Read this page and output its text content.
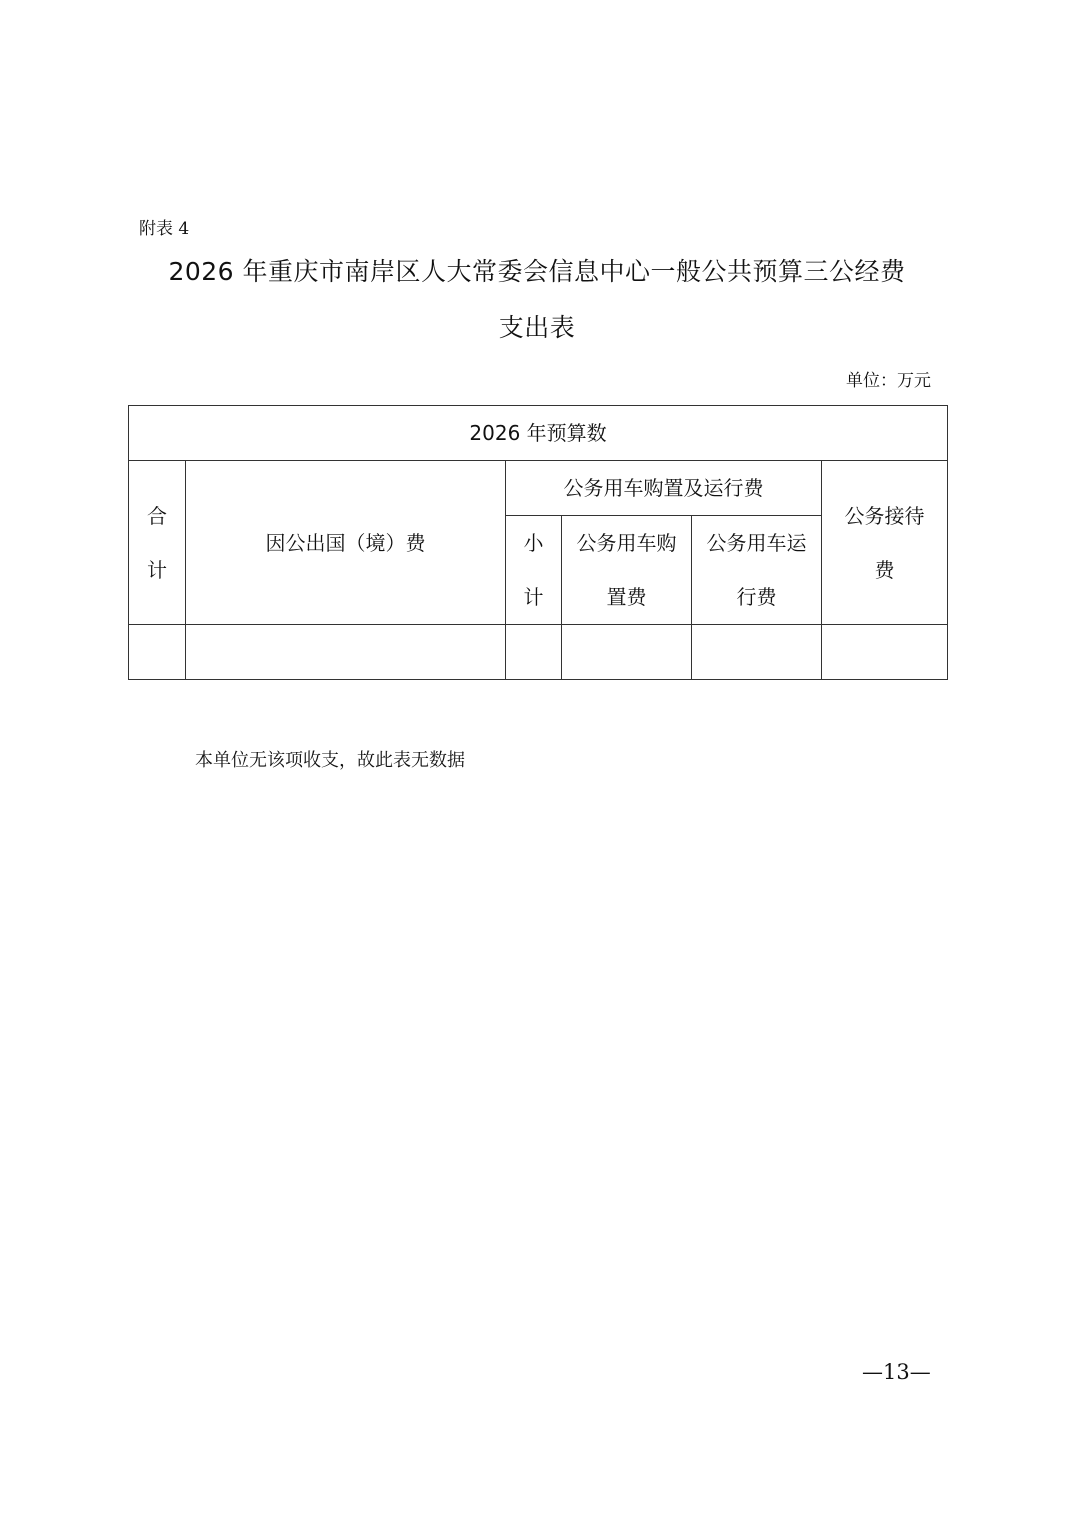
附表 4
2026 年重庆市南岸区人大常委会信息中心一般公共预算三公经费
支出表
单位：万元
2026 年预算数					
合计	因公出国（境）费	公务用车购置及运行费			公务接待费
		小计	公务用车购置费	公务用车运行费	

本单位无该项收支，故此表无数据
—13—
